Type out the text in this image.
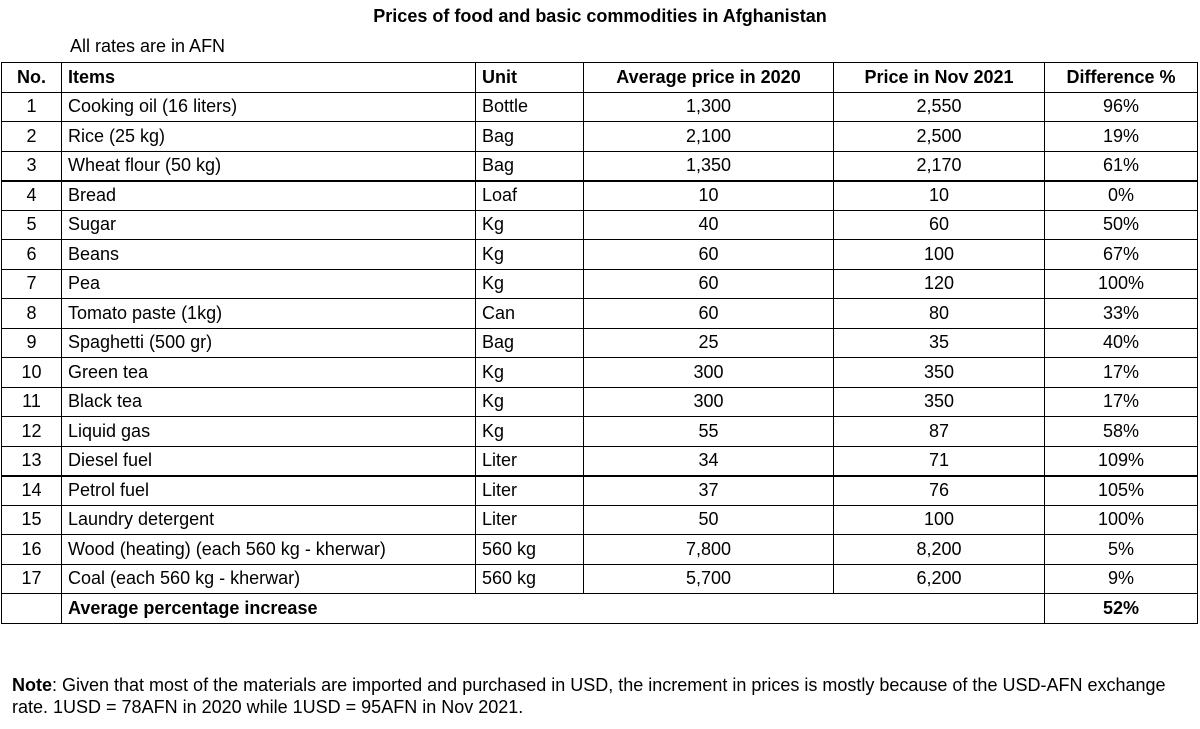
Prices of food and basic commodities in Afghanistan
All rates are in AFN
No.	Items	Unit	Average price in 2020	Price in Nov 2021	Difference %
1	Cooking oil (16 liters)	Bottle	1,300	2,550	96%
2	Rice (25 kg)	Bag	2,100	2,500	19%
3	Wheat flour (50 kg)	Bag	1,350	2,170	61%
4	Bread	Loaf	10	10	0%
5	Sugar	Kg	40	60	50%
6	Beans	Kg	60	100	67%
7	Pea	Kg	60	120	100%
8	Tomato paste (1kg)	Can	60	80	33%
9	Spaghetti (500 gr)	Bag	25	35	40%
10	Green tea	Kg	300	350	17%
11	Black tea	Kg	300	350	17%
12	Liquid gas	Kg	55	87	58%
13	Diesel fuel	Liter	34	71	109%
14	Petrol fuel	Liter	37	76	105%
15	Laundry detergent	Liter	50	100	100%
16	Wood (heating) (each 560 kg - kherwar)	560 kg	7,800	8,200	5%
17	Coal (each 560 kg - kherwar)	560 kg	5,700	6,200	9%
	Average percentage increase				52%
Note: Given that most of the materials are imported and purchased in USD, the increment in prices is mostly because of the USD-AFN exchange rate. 1USD = 78AFN in 2020 while 1USD = 95AFN in Nov 2021.
